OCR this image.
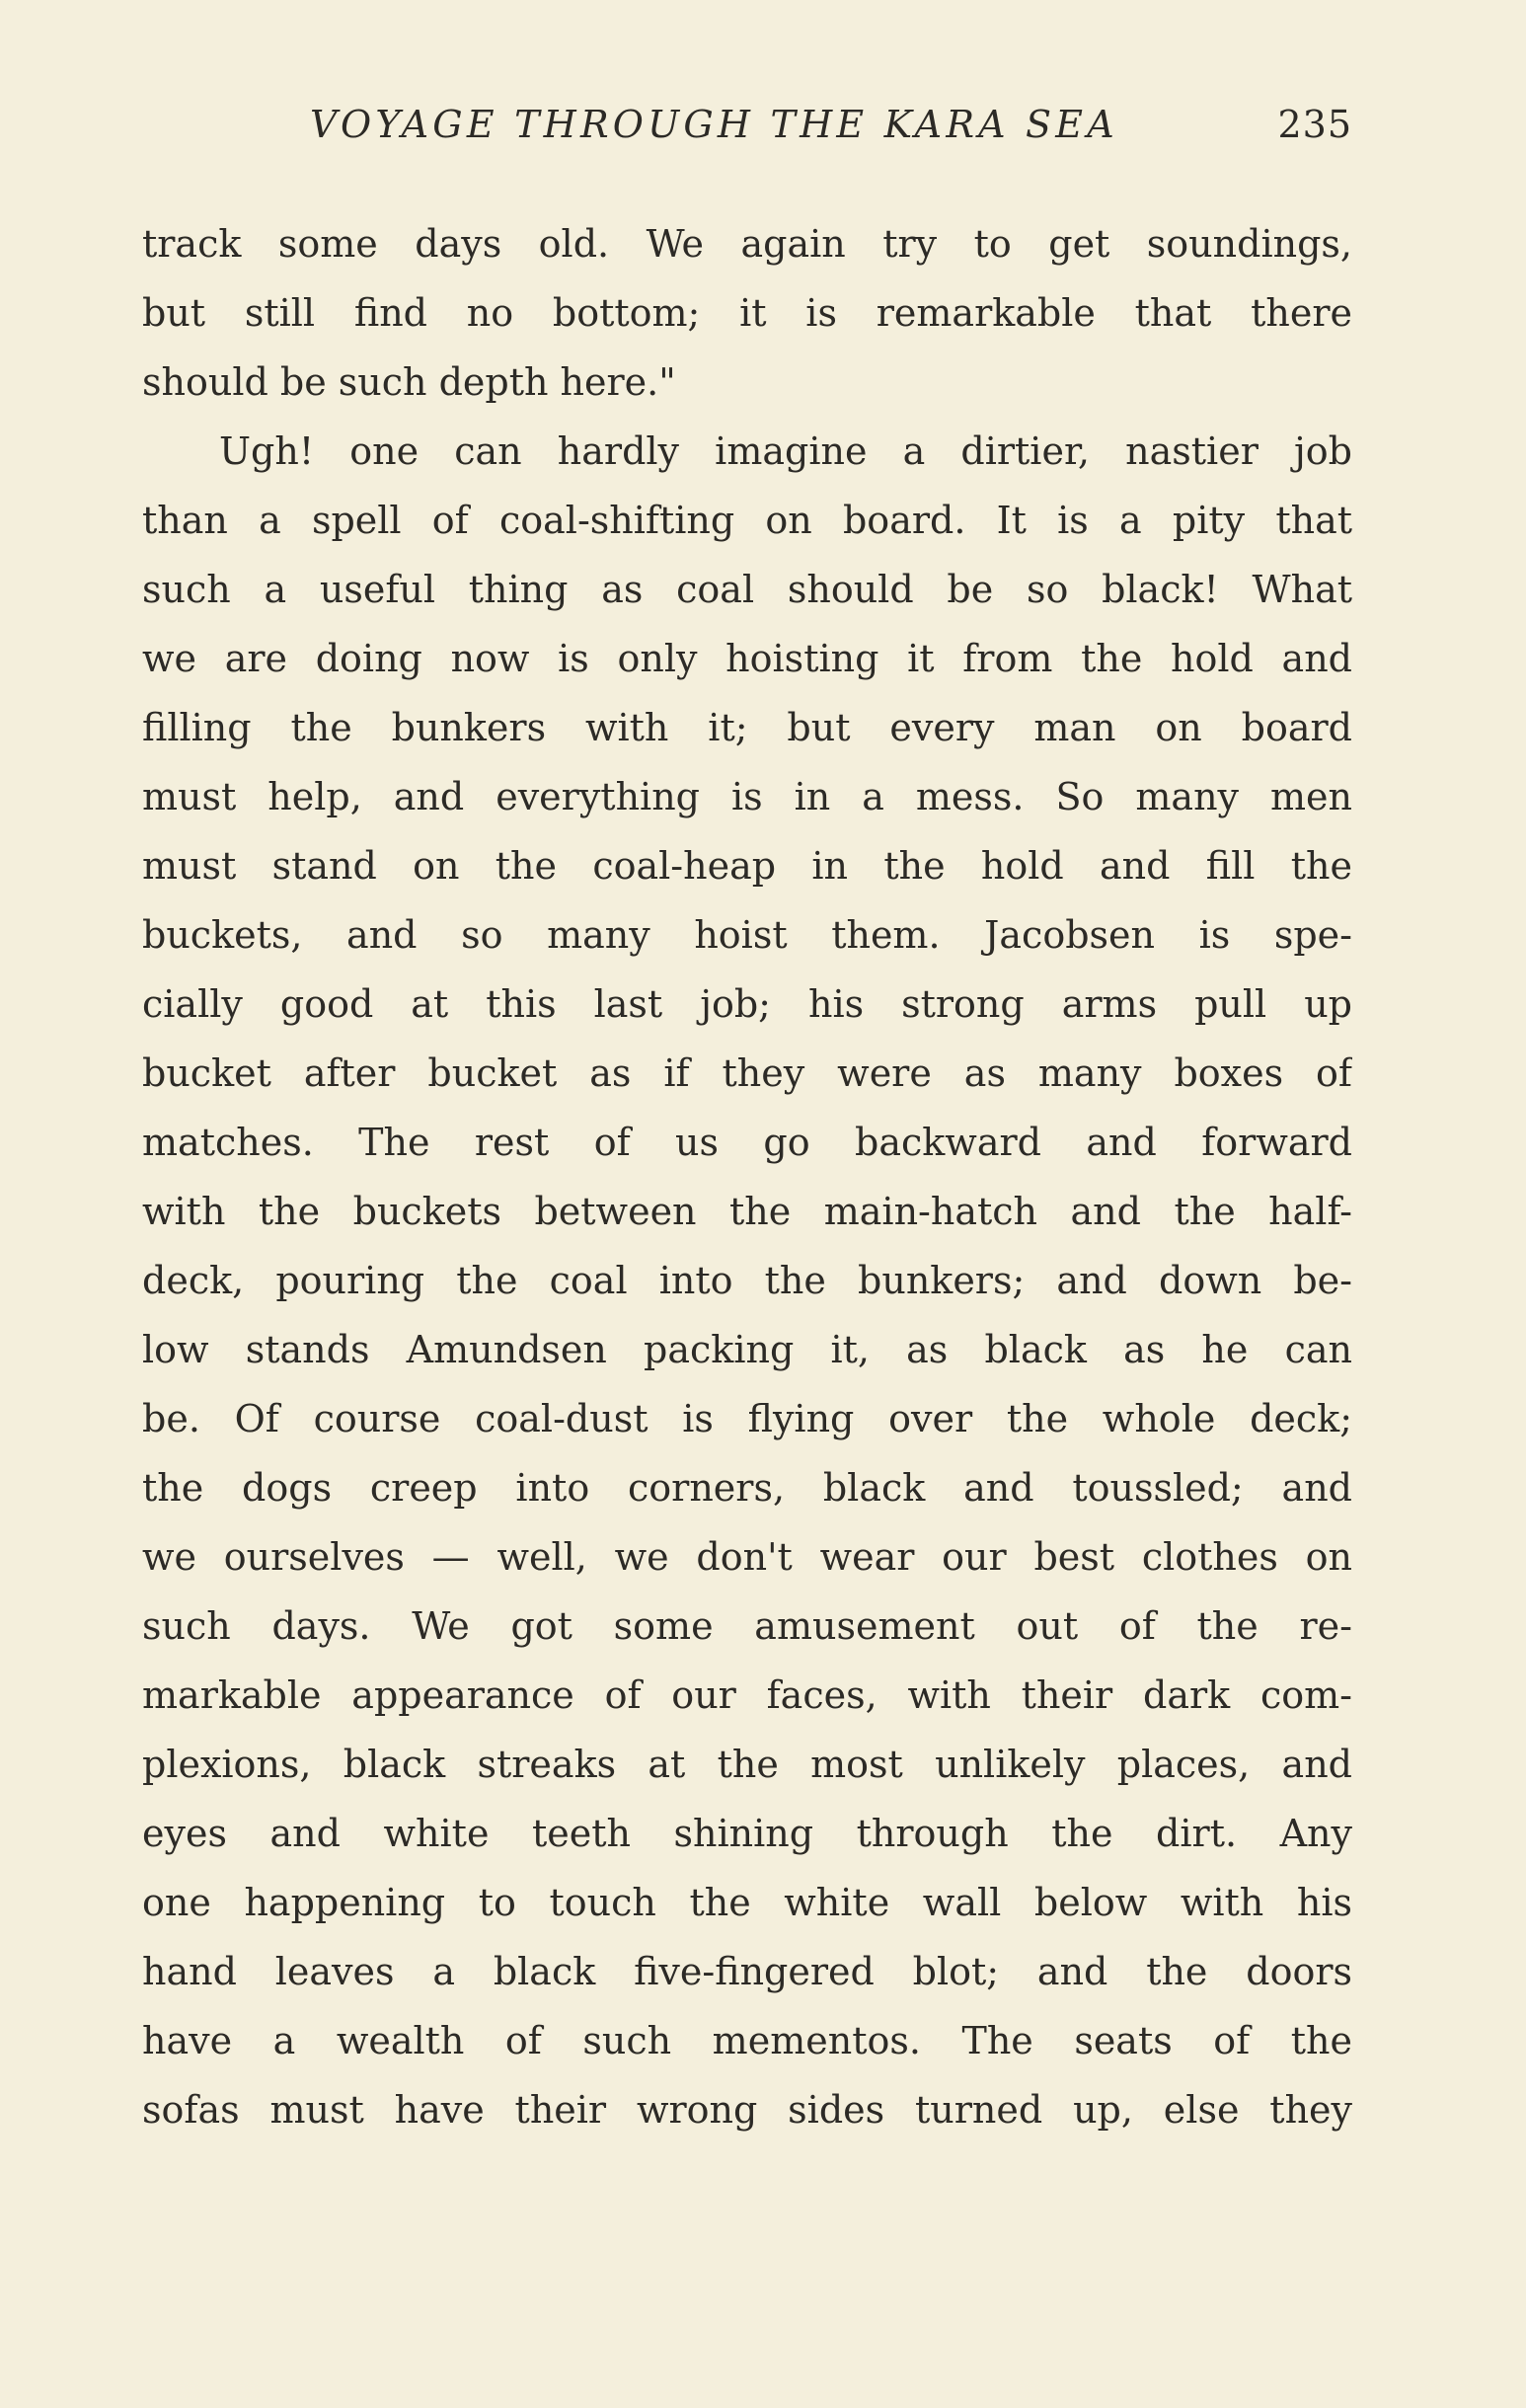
VOYAGE THROUGH THE KARA SEA	235
track some days old. We again try to get soundings,
but still find no bottom; it is remarkable that there
should be such depth here."
Ugh! one can hardly imagine a dirtier, nastier job
than a spell of coal-shifting on board. It is a pity that
such a useful thing as coal should be so black! What
we are doing now is only hoisting it from the hold and
filling the bunkers with it; but every man on board
must help, and everything is in a mess. So many men
must stand on the coal-heap in the hold and fill the
buckets, and so many hoist them. Jacobsen is spe-
cially good at this last job; his strong arms pull up
bucket after bucket as if they were as many boxes of
matches. The rest of us go backward and forward
with the buckets between the main-hatch and the half-
deck, pouring the coal into the bunkers; and down be-
low stands Amundsen packing it, as black as he can
be. Of course coal-dust is flying over the whole deck;
the dogs creep into corners, black and toussled; and
we ourselves — well, we don't wear our best clothes on
such days. We got some amusement out of the re-
markable appearance of our faces, with their dark com-
plexions, black streaks at the most unlikely places, and
eyes and white teeth shining through the dirt. Any
one happening to touch the white wall below with his
hand leaves a black five-fingered blot; and the doors
have a wealth of such mementos. The seats of the
sofas must have their wrong sides turned up, else they
